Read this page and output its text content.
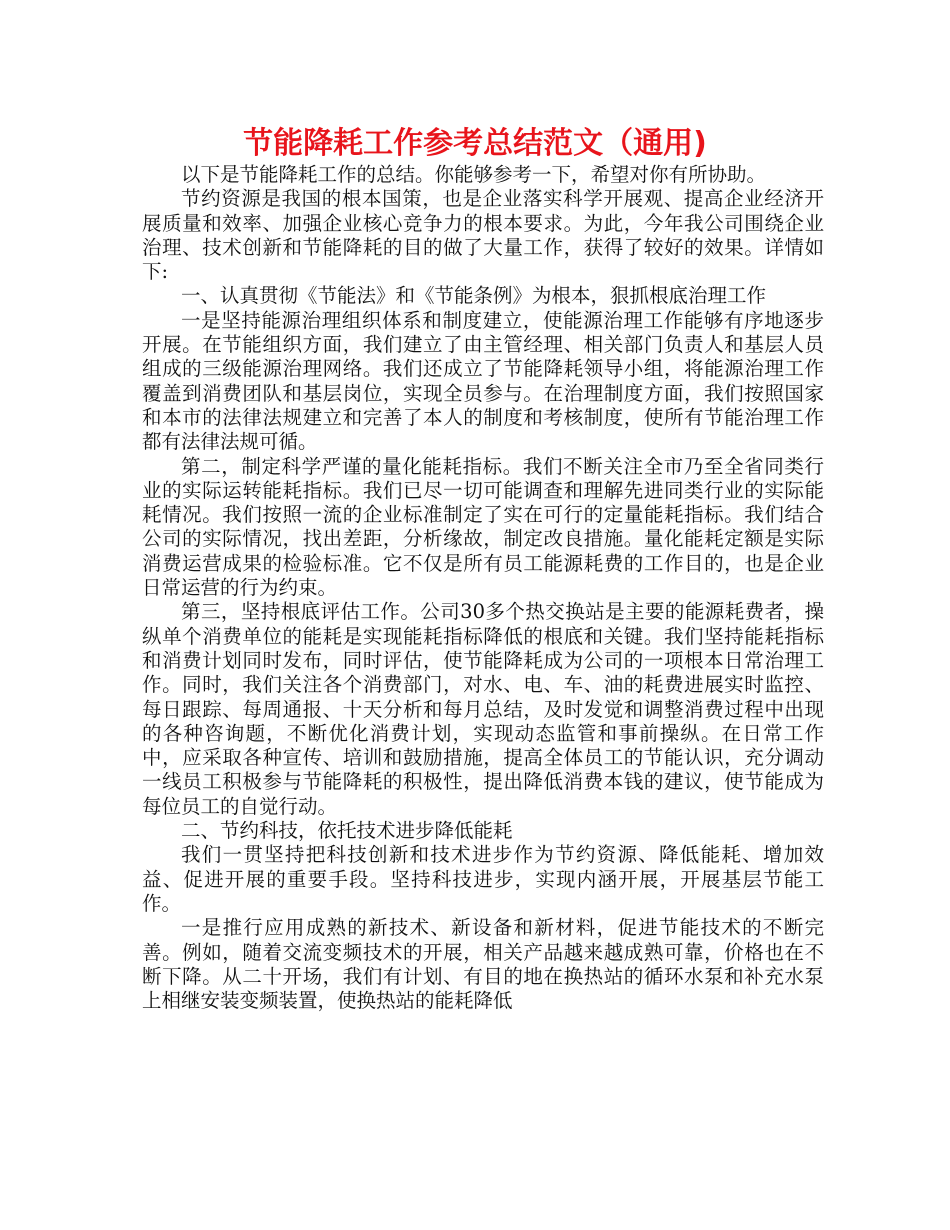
节能降耗工作参考总结范文（通用)

以下是节能降耗工作的总结。你能够参考一下，希望对你有所协助。

节约资源是我国的根本国策，也是企业落实科学开展观、提高企业经济开展质量和效率、加强企业核心竞争力的根本要求。为此，今年我公司围绕企业治理、技术创新和节能降耗的目的做了大量工作，获得了较好的效果。详情如下:

一、认真贯彻《节能法》和《节能条例》为根本，狠抓根底治理工作

一是坚持能源治理组织体系和制度建立，使能源治理工作能够有序地逐步开展。在节能组织方面，我们建立了由主管经理、相关部门负责人和基层人员组成的三级能源治理网络。我们还成立了节能降耗领导小组，将能源治理工作覆盖到消费团队和基层岗位，实现全员参与。在治理制度方面，我们按照国家和本市的法律法规建立和完善了本人的制度和考核制度，使所有节能治理工作都有法律法规可循。

第二，制定科学严谨的量化能耗指标。我们不断关注全市乃至全省同类行业的实际运转能耗指标。我们已尽一切可能调查和理解先进同类行业的实际能耗情况。我们按照一流的企业标准制定了实在可行的定量能耗指标。我们结合公司的实际情况，找出差距，分析缘故，制定改良措施。量化能耗定额是实际消费运营成果的检验标准。它不仅是所有员工能源耗费的工作目的，也是企业日常运营的行为约束。

第三，坚持根底评估工作。公司30多个热交换站是主要的能源耗费者，操纵单个消费单位的能耗是实现能耗指标降低的根底和关键。我们坚持能耗指标和消费计划同时发布，同时评估，使节能降耗成为公司的一项根本日常治理工作。同时，我们关注各个消费部门，对水、电、车、油的耗费进展实时监控、每日跟踪、每周通报、十天分析和每月总结，及时发觉和调整消费过程中出现的各种咨询题，不断优化消费计划，实现动态监管和事前操纵。在日常工作中，应采取各种宣传、培训和鼓励措施，提高全体员工的节能认识，充分调动一线员工积极参与节能降耗的积极性，提出降低消费本钱的建议，使节能成为每位员工的自觉行动。

二、节约科技，依托技术进步降低能耗

我们一贯坚持把科技创新和技术进步作为节约资源、降低能耗、增加效益、促进开展的重要手段。坚持科技进步，实现内涵开展，开展基层节能工作。

一是推行应用成熟的新技术、新设备和新材料，促进节能技术的不断完善。例如，随着交流变频技术的开展，相关产品越来越成熟可靠，价格也在不断下降。从二十开场，我们有计划、有目的地在换热站的循环水泵和补充水泵上相继安装变频装置，使换热站的能耗降低
